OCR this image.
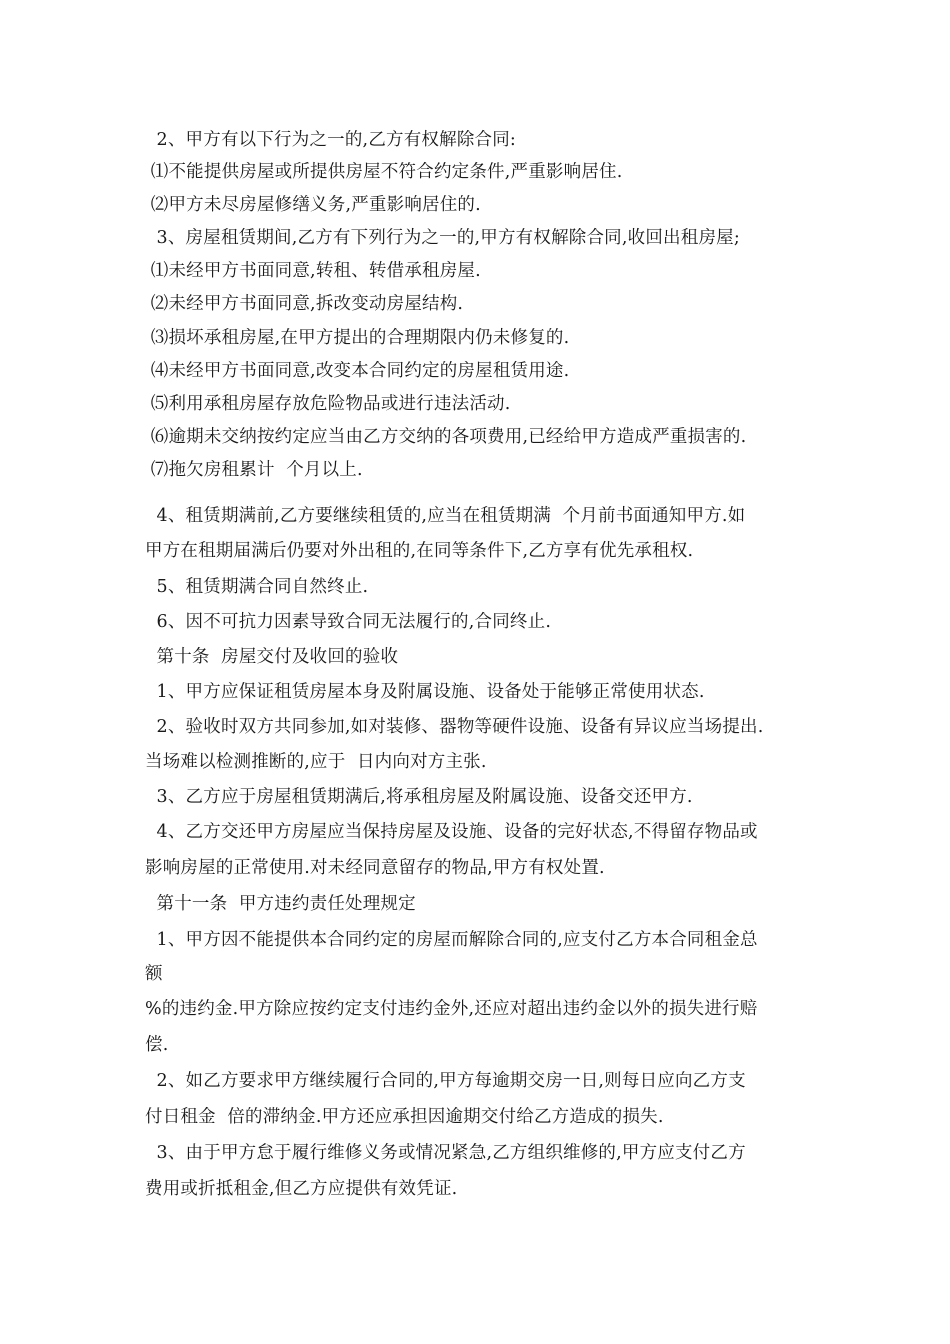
2、甲方有以下行为之一的,乙方有权解除合同:
⑴不能提供房屋或所提供房屋不符合约定条件,严重影响居住.
⑵甲方未尽房屋修缮义务,严重影响居住的.
3、房屋租赁期间,乙方有下列行为之一的,甲方有权解除合同,收回出租房屋;
⑴未经甲方书面同意,转租、转借承租房屋.
⑵未经甲方书面同意,拆改变动房屋结构.
⑶损坏承租房屋,在甲方提出的合理期限内仍未修复的.
⑷未经甲方书面同意,改变本合同约定的房屋租赁用途.
⑸利用承租房屋存放危险物品或进行违法活动.
⑹逾期未交纳按约定应当由乙方交纳的各项费用,已经给甲方造成严重损害的.
⑺拖欠房租累计  个月以上.
4、租赁期满前,乙方要继续租赁的,应当在租赁期满  个月前书面通知甲方.如
甲方在租期届满后仍要对外出租的,在同等条件下,乙方享有优先承租权.
5、租赁期满合同自然终止.
6、因不可抗力因素导致合同无法履行的,合同终止.
第十条  房屋交付及收回的验收
1、甲方应保证租赁房屋本身及附属设施、设备处于能够正常使用状态.
2、验收时双方共同参加,如对装修、器物等硬件设施、设备有异议应当场提出.
当场难以检测推断的,应于  日内向对方主张.
3、乙方应于房屋租赁期满后,将承租房屋及附属设施、设备交还甲方.
4、乙方交还甲方房屋应当保持房屋及设施、设备的完好状态,不得留存物品或
影响房屋的正常使用.对未经同意留存的物品,甲方有权处置.
第十一条  甲方违约责任处理规定
1、甲方因不能提供本合同约定的房屋而解除合同的,应支付乙方本合同租金总
额
%的违约金.甲方除应按约定支付违约金外,还应对超出违约金以外的损失进行赔
偿.
2、如乙方要求甲方继续履行合同的,甲方每逾期交房一日,则每日应向乙方支
付日租金  倍的滞纳金.甲方还应承担因逾期交付给乙方造成的损失.
3、由于甲方怠于履行维修义务或情况紧急,乙方组织维修的,甲方应支付乙方
费用或折抵租金,但乙方应提供有效凭证.
